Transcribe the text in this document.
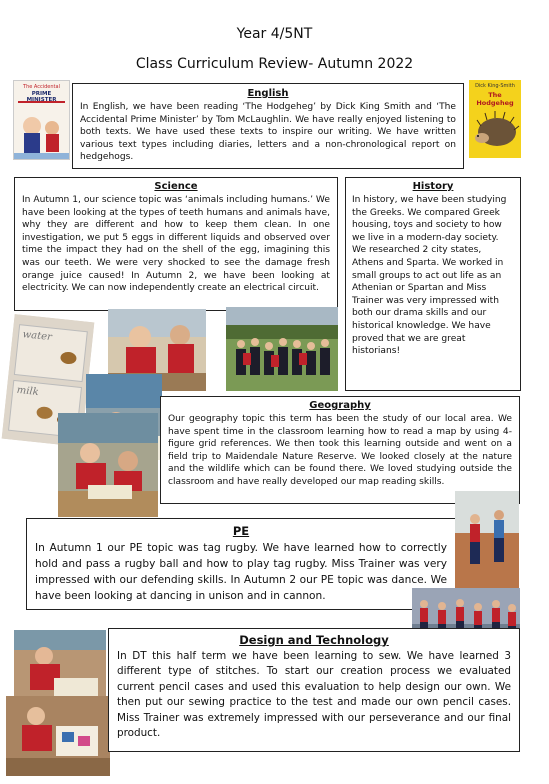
Year 4/5NT
Class Curriculum Review- Autumn 2022
The Accidental
PRIME MINISTER
Dick King-Smith
The Hodgeheg

English

In English, we have been reading ‘The Hodgeheg’ by Dick King Smith and ‘The Accidental Prime Minister’ by Tom McLaughlin. We have really enjoyed listening to both texts. We have used these texts to inspire our writing. We have written various text types including diaries, letters and a non-chronological report on hedgehogs.

Science

In Autumn 1, our science topic was ‘animals including humans.’ We have been looking at the types of teeth humans and animals have, why they are different and how to keep them clean. In one investigation, we put 5 eggs in different liquids and observed over time the impact they had on the shell of the egg, imagining this was our teeth. We were very shocked to see the damage fresh orange juice caused! In Autumn 2, we have been looking at electricity. We can now independently create an electrical circuit.

History

In history, we have been studying the Greeks. We compared Greek housing, toys and society to how we live in a modern-day society. We researched 2 city states, Athens and Sparta. We worked in small groups to act out life as an Athenian or Spartan and Miss Trainer was very impressed with both our drama skills and our historical knowledge. We have proved that we are great historians!

water
milk

Geography

Our geography topic this term has been the study of our local area. We have spent time in the classroom learning how to read a map by using 4-figure grid references. We then took this learning outside and went on a field trip to Maidendale Nature Reserve. We looked closely at the nature and the wildlife which can be found there. We loved studying outside the classroom and have really developed our map reading skills.

PE

In Autumn 1 our PE topic was tag rugby. We have learned how to correctly hold and pass a rugby ball and how to play tag rugby. Miss Trainer was very impressed with our defending skills. In Autumn 2 our PE topic was dance. We have been looking at dancing in unison and in cannon.

Design and Technology

In DT this half term we have been learning to sew. We have learned 3 different type of stitches. To start our creation process we evaluated current pencil cases and used this evaluation to help design our own. We then put our sewing practice to the test and made our own pencil cases. Miss Trainer was extremely impressed with our perseverance and our final product.
